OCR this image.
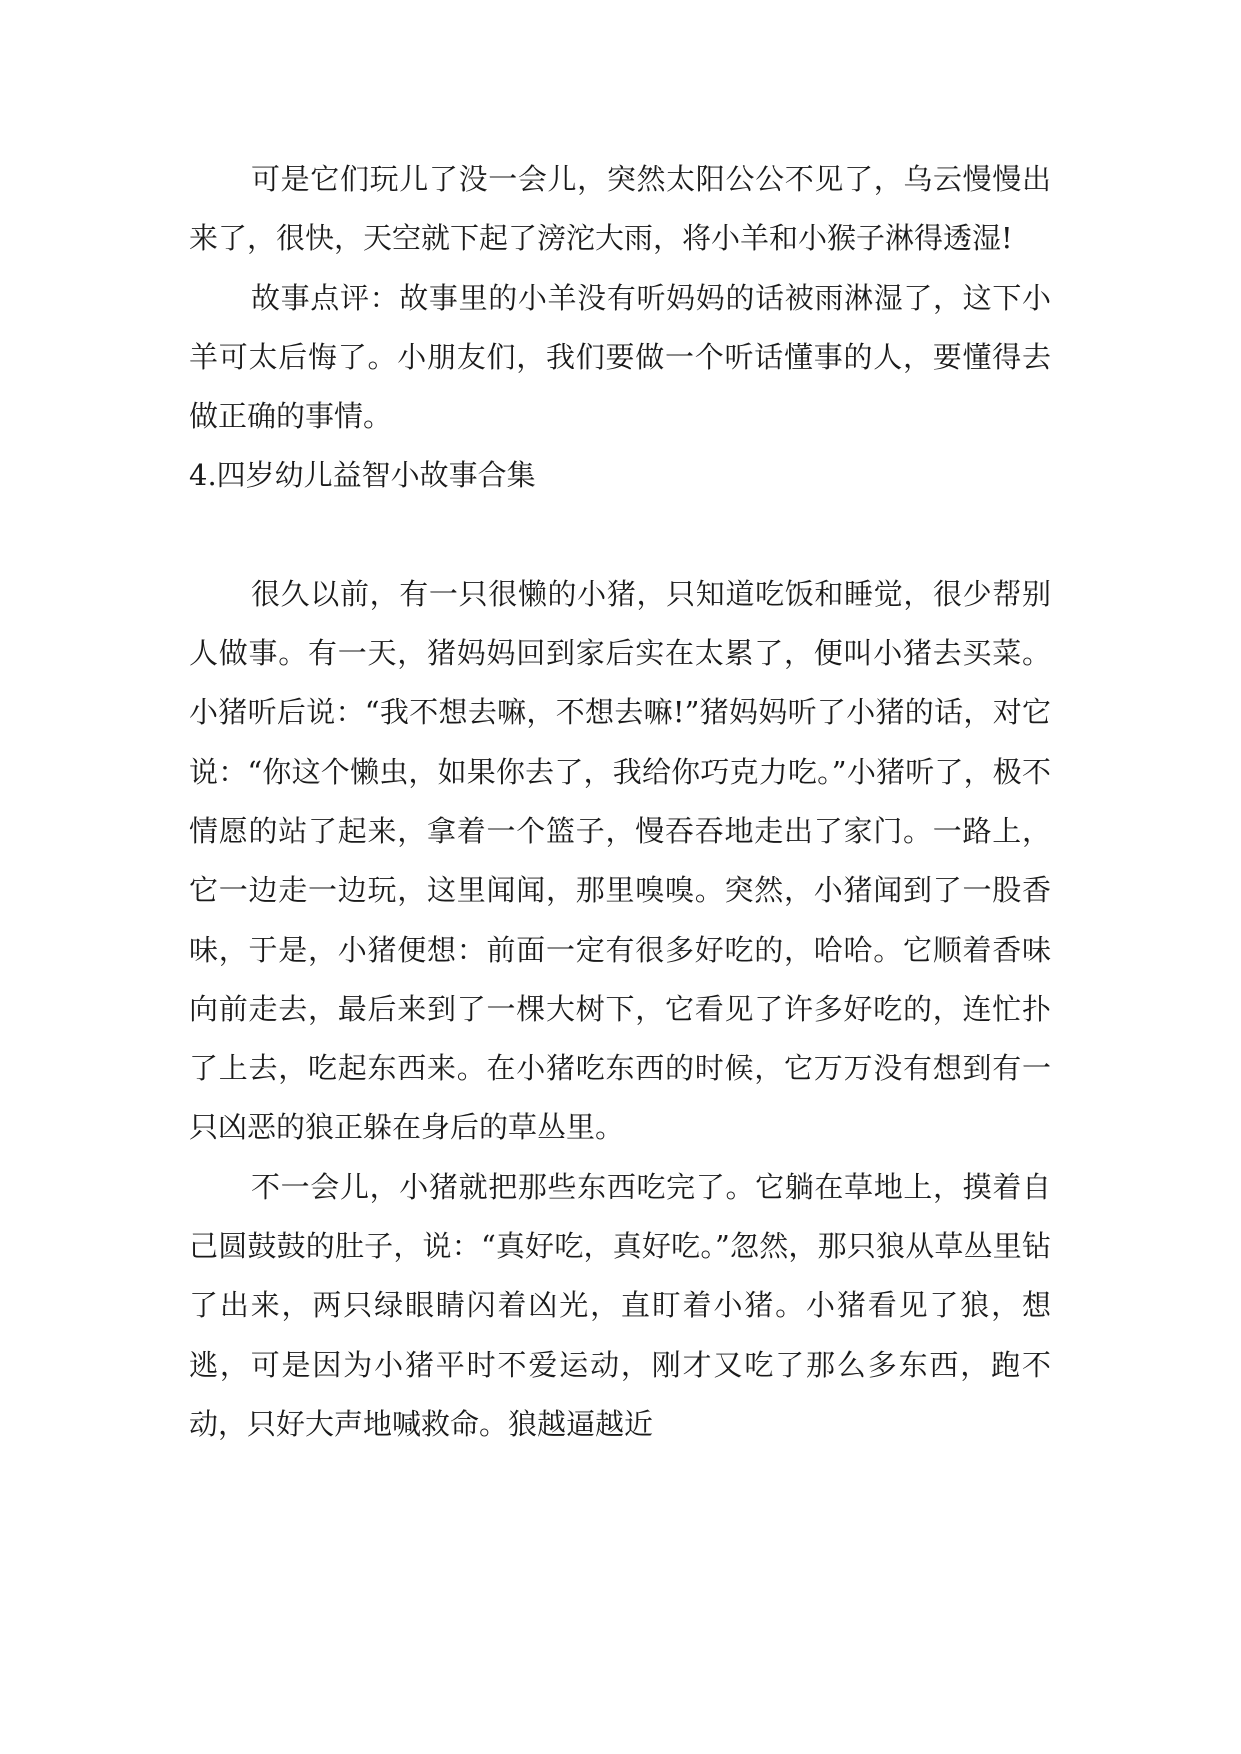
可是它们玩儿了没一会儿，突然太阳公公不见了，乌云慢慢出来了，很快，天空就下起了滂沱大雨，将小羊和小猴子淋得透湿!

故事点评：故事里的小羊没有听妈妈的话被雨淋湿了，这下小羊可太后悔了。小朋友们，我们要做一个听话懂事的人，要懂得去做正确的事情。

4.四岁幼儿益智小故事合集

很久以前，有一只很懒的小猪，只知道吃饭和睡觉，很少帮别人做事。有一天，猪妈妈回到家后实在太累了，便叫小猪去买菜。小猪听后说：“我不想去嘛，不想去嘛!”猪妈妈听了小猪的话，对它说：“你这个懒虫，如果你去了，我给你巧克力吃。”小猪听了，极不情愿的站了起来，拿着一个篮子，慢吞吞地走出了家门。一路上，它一边走一边玩，这里闻闻，那里嗅嗅。突然，小猪闻到了一股香味，于是，小猪便想：前面一定有很多好吃的，哈哈。它顺着香味向前走去，最后来到了一棵大树下，它看见了许多好吃的，连忙扑了上去，吃起东西来。在小猪吃东西的时候，它万万没有想到有一只凶恶的狼正躲在身后的草丛里。

不一会儿，小猪就把那些东西吃完了。它躺在草地上，摸着自己圆鼓鼓的肚子，说：“真好吃，真好吃。”忽然，那只狼从草丛里钻了出来，两只绿眼睛闪着凶光，直盯着小猪。小猪看见了狼，想逃，可是因为小猪平时不爱运动，刚才又吃了那么多东西，跑不动，只好大声地喊救命。狼越逼越近
